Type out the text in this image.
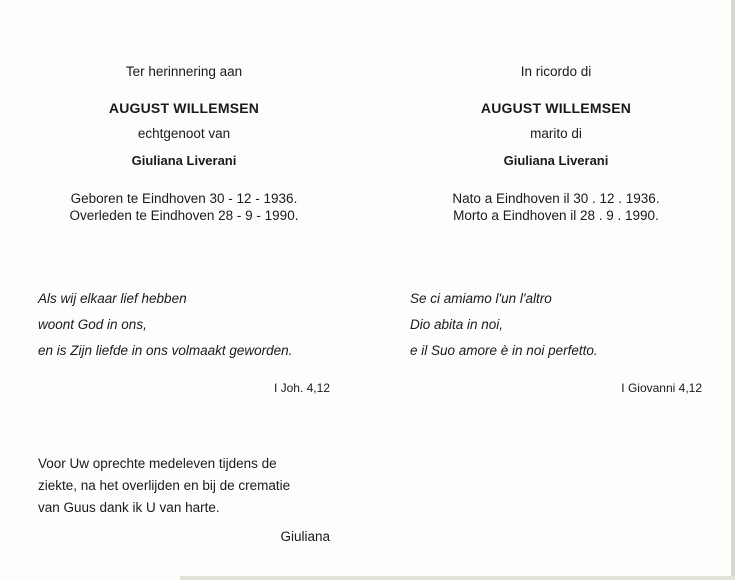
Ter herinnering aan
AUGUST WILLEMSEN
echtgenoot van
Giuliana Liverani
Geboren te Eindhoven 30 - 12 - 1936.
Overleden te Eindhoven 28 - 9 - 1990.
Als wij elkaar lief hebben
woont God in ons,
en is Zijn liefde in ons volmaakt geworden.
I Joh. 4,12
Voor Uw oprechte medeleven tijdens de
ziekte, na het overlijden en bij de crematie
van Guus dank ik U van harte.
Giuliana
In ricordo di
AUGUST WILLEMSEN
marito di
Giuliana Liverani
Nato a Eindhoven il 30 . 12 . 1936.
Morto a Eindhoven il 28 . 9 . 1990.
Se ci amiamo l'un l'altro
Dio abita in noi,
e il Suo amore è in noi perfetto.
I Giovanni 4,12
